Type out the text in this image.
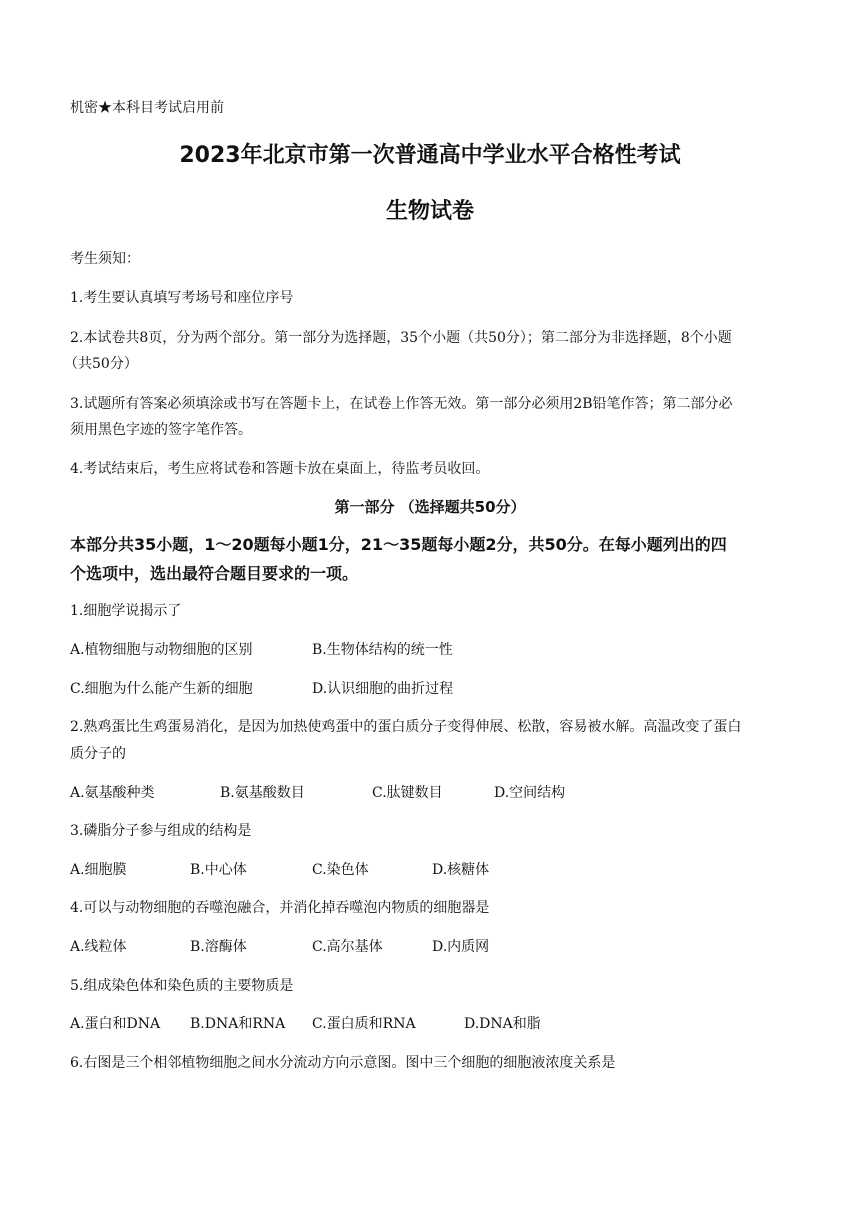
机密★本科目考试启用前
2023年北京市第一次普通高中学业水平合格性考试
生物试卷
考生须知：
1.考生要认真填写考场号和座位序号
2.本试卷共8页，分为两个部分。第一部分为选择题，35个小题（共50分）；第二部分为非选择题，8个小题
（共50分）
3.试题所有答案必须填涂或书写在答题卡上，在试卷上作答无效。第一部分必须用2B铅笔作答；第二部分必
须用黑色字迹的签字笔作答。
4.考试结束后，考生应将试卷和答题卡放在桌面上，待监考员收回。
第一部分 （选择题共50分）
本部分共35小题，1～20题每小题1分，21～35题每小题2分，共50分。在每小题列出的四
个选项中，选出最符合题目要求的一项。
1.细胞学说揭示了
A.植物细胞与动物细胞的区别	B.生物体结构的统一性
C.细胞为什么能产生新的细胞	D.认识细胞的曲折过程
2.熟鸡蛋比生鸡蛋易消化，是因为加热使鸡蛋中的蛋白质分子变得伸展、松散，容易被水解。高温改变了蛋白
质分子的
A.氨基酸种类	B.氨基酸数目	C.肽键数目	D.空间结构
3.磷脂分子参与组成的结构是
A.细胞膜	B.中心体	C.染色体	D.核糖体
4.可以与动物细胞的吞噬泡融合，并消化掉吞噬泡内物质的细胞器是
A.线粒体	B.溶酶体	C.高尔基体	D.内质网
5.组成染色体和染色质的主要物质是
A.蛋白和DNA B.DNA和RNA C.蛋白质和RNA	D.DNA和脂
6.右图是三个相邻植物细胞之间水分流动方向示意图。图中三个细胞的细胞液浓度关系是
